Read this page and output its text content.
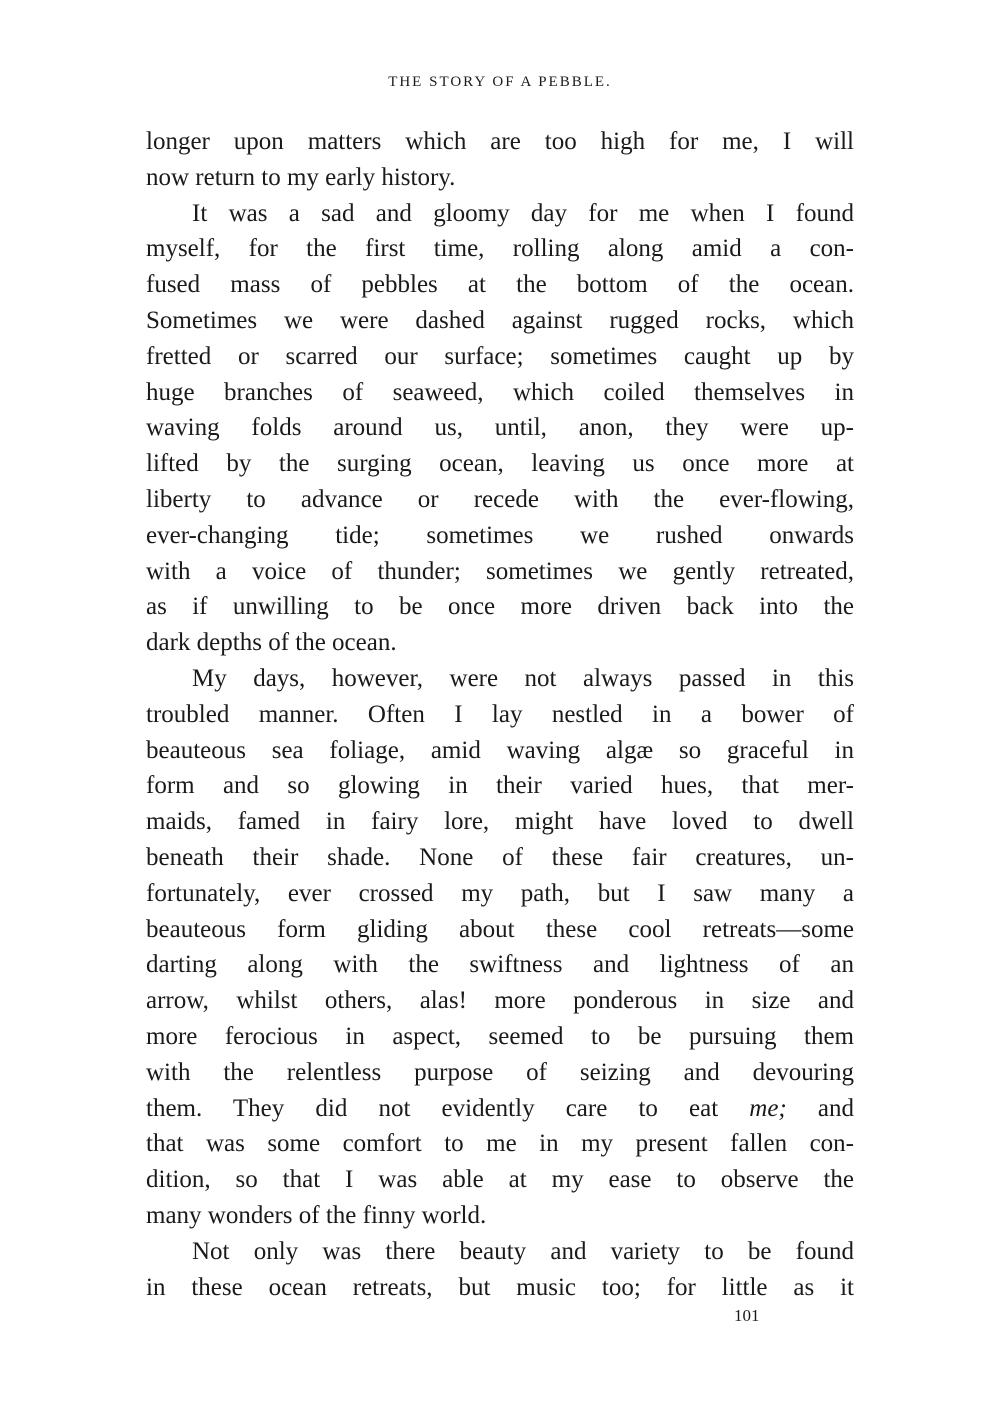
THE STORY OF A PEBBLE.
longer upon matters which are too high for me, I will
now return to my early history.
It was a sad and gloomy day for me when I found
myself, for the first time, rolling along amid a con-
fused mass of pebbles at the bottom of the ocean.
Sometimes we were dashed against rugged rocks, which
fretted or scarred our surface; sometimes caught up by
huge branches of seaweed, which coiled themselves in
waving folds around us, until, anon, they were up-
lifted by the surging ocean, leaving us once more at
liberty to advance or recede with the ever-flowing,
ever-changing tide; sometimes we rushed onwards
with a voice of thunder; sometimes we gently retreated,
as if unwilling to be once more driven back into the
dark depths of the ocean.
My days, however, were not always passed in this
troubled manner. Often I lay nestled in a bower of
beauteous sea foliage, amid waving algæ so graceful in
form and so glowing in their varied hues, that mer-
maids, famed in fairy lore, might have loved to dwell
beneath their shade. None of these fair creatures, un-
fortunately, ever crossed my path, but I saw many a
beauteous form gliding about these cool retreats—some
darting along with the swiftness and lightness of an
arrow, whilst others, alas! more ponderous in size and
more ferocious in aspect, seemed to be pursuing them
with the relentless purpose of seizing and devouring
them. They did not evidently care to eat me; and
that was some comfort to me in my present fallen con-
dition, so that I was able at my ease to observe the
many wonders of the finny world.
Not only was there beauty and variety to be found
in these ocean retreats, but music too; for little as it
101
